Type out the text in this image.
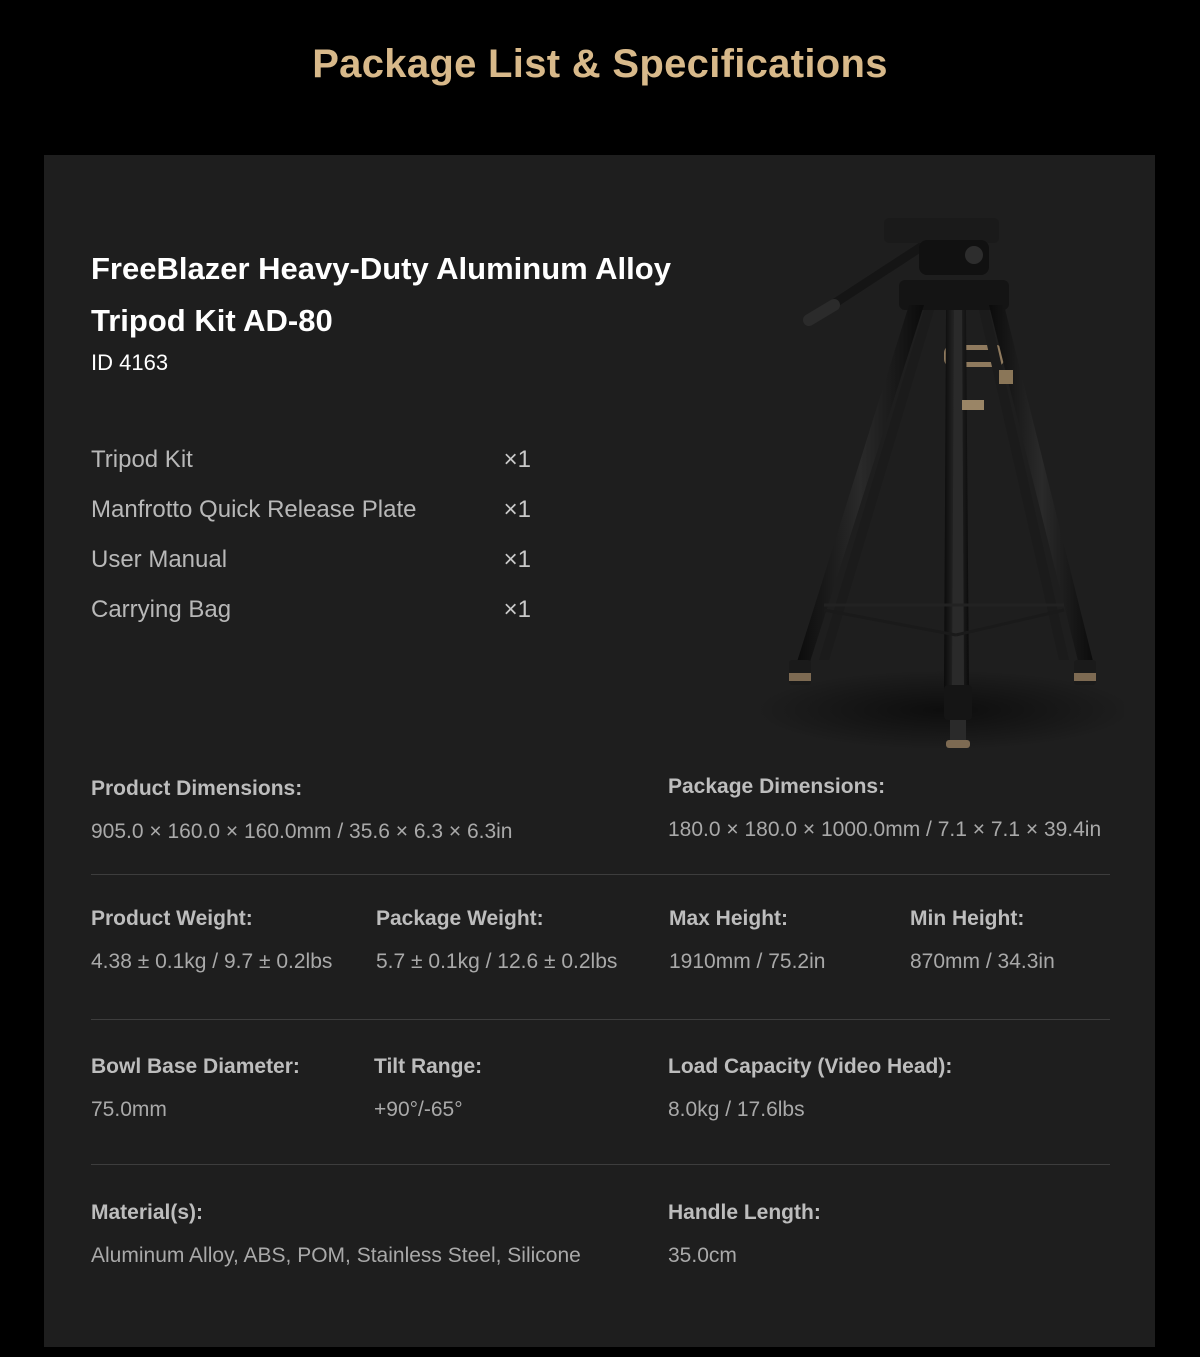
Package List & Specifications
FreeBlazer Heavy-Duty Aluminum Alloy Tripod Kit AD-80
ID 4163
Tripod Kit	×1
Manfrotto Quick Release Plate	×1
User Manual	×1
Carrying Bag	×1
Product Dimensions:
905.0 × 160.0 × 160.0mm / 35.6 × 6.3 × 6.3in
Package Dimensions:
180.0 × 180.0 × 1000.0mm / 7.1 × 7.1 × 39.4in
Product Weight:
4.38 ± 0.1kg / 9.7 ± 0.2lbs
Package Weight:
5.7 ± 0.1kg / 12.6 ± 0.2lbs
Max Height:
1910mm / 75.2in
Min Height:
870mm / 34.3in
Bowl Base Diameter:
75.0mm
Tilt Range:
+90°/-65°
Load Capacity (Video Head):
8.0kg / 17.6lbs
Material(s):
Aluminum Alloy, ABS, POM, Stainless Steel, Silicone
Handle Length:
35.0cm
